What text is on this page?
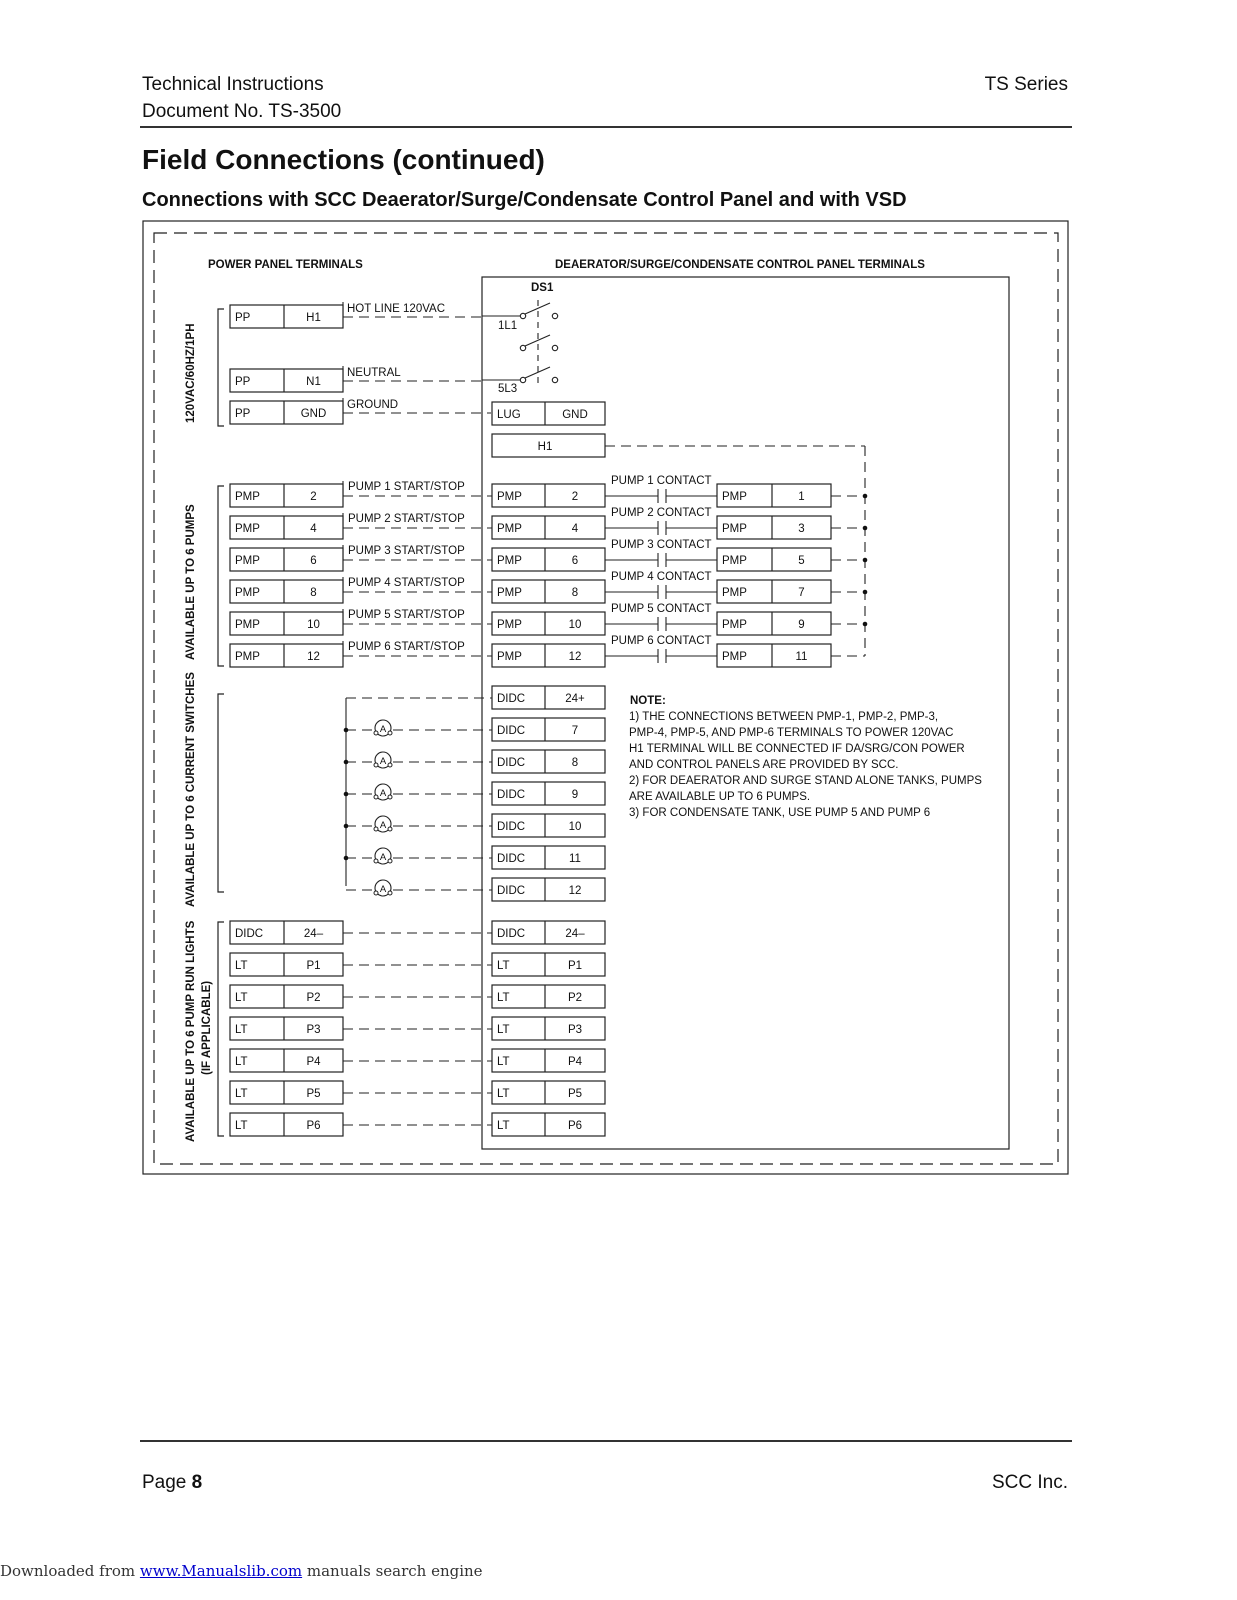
Technical Instructions
Document No. TS-3500
TS Series
Field Connections (continued)
Connections with SCC Deaerator/Surge/Condensate Control Panel and with VSD
POWER PANEL TERMINALS	DEAERATOR/SURGE/CONDENSATE CONTROL PANEL TERMINALS
DS1
120VAC/60HZ/1PH
AVAILABLE UP TO 6 PUMPS
AVAILABLE UP TO 6 CURRENT SWITCHES
AVAILABLE UP TO 6 PUMP RUN LIGHTS (IF APPLICABLE)
1L1
5L3
A
A
A
A
A
A
PP	H1
PP	N1
PP	GND	LUG	GND
H1
PMP	2	PMP	2	PMP	1
PMP	4	PMP	4	PMP	3
PMP	6	PMP	6	PMP	5
PMP	8	PMP	8	PMP	7
PMP	10	PMP	10	PMP	9
PMP	12	PMP	12	PMP	11
DIDC	24+
DIDC	7
DIDC	8
DIDC	9
DIDC	10
DIDC	11
DIDC	12
DIDC	24–	DIDC	24–
LT	P1	LT	P1
LT	P2	LT	P2
LT	P3	LT	P3
LT	P4	LT	P4
LT	P5	LT	P5
LT	P6	LT	P6
HOT LINE 120VAC
NEUTRAL
GROUND
PUMP 1 START/STOP	PUMP 1 CONTACT
PUMP 2 START/STOP	PUMP 2 CONTACT
PUMP 3 START/STOP	PUMP 3 CONTACT
PUMP 4 START/STOP	PUMP 4 CONTACT
PUMP 5 START/STOP	PUMP 5 CONTACT
PUMP 6 START/STOP	PUMP 6 CONTACT
NOTE:
1) THE CONNECTIONS BETWEEN PMP-1, PMP-2, PMP-3,
PMP-4, PMP-5, AND PMP-6 TERMINALS TO POWER 120VAC
H1 TERMINAL WILL BE CONNECTED IF DA/SRG/CON POWER
AND CONTROL PANELS ARE PROVIDED BY SCC.
2) FOR DEAERATOR AND SURGE STAND ALONE TANKS, PUMPS
ARE AVAILABLE UP TO 6 PUMPS.
3) FOR CONDENSATE TANK, USE PUMP 5 AND PUMP 6
Page 8	SCC Inc.
Downloaded from www.Manualslib.com manuals search engine
